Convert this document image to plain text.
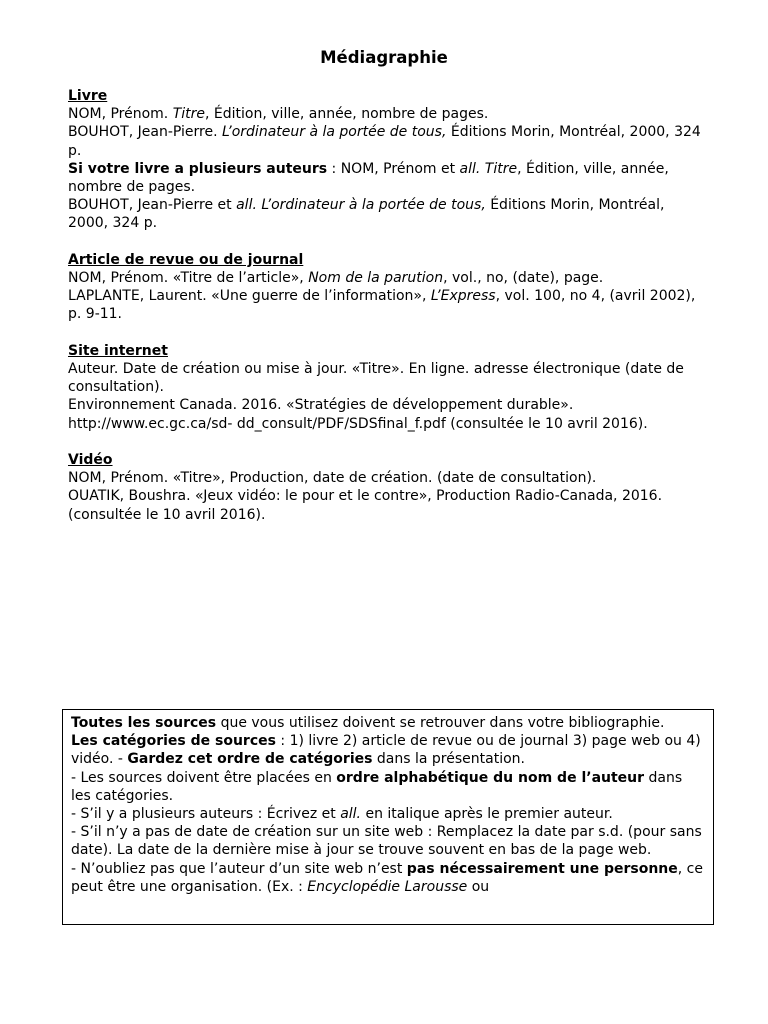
Médiagraphie
Livre
NOM, Prénom. Titre, Édition, ville, année, nombre de pages.
BOUHOT, Jean-Pierre. L’ordinateur à la portée de tous, Éditions Morin, Montréal, 2000, 324 p.
Si votre livre a plusieurs auteurs : NOM, Prénom et all. Titre, Édition, ville, année, nombre de pages.
BOUHOT, Jean-Pierre et all. L’ordinateur à la portée de tous, Éditions Morin, Montréal, 2000, 324 p.
Article de revue ou de journal
NOM, Prénom. «Titre de l’article», Nom de la parution, vol., no, (date), page.
LAPLANTE, Laurent. «Une guerre de l’information», L’Express, vol. 100, no 4, (avril 2002), p. 9-11.
Site internet
Auteur. Date de création ou mise à jour. «Titre». En ligne. adresse électronique (date de consultation).
Environnement Canada. 2016. «Stratégies de développement durable».
http://www.ec.gc.ca/sd- dd_consult/PDF/SDSfinal_f.pdf (consultée le 10 avril 2016).
Vidéo
NOM, Prénom. «Titre», Production, date de création. (date de consultation).
OUATIK, Boushra. «Jeux vidéo: le pour et le contre», Production Radio-Canada, 2016. (consultée le 10 avril 2016).
Toutes les sources que vous utilisez doivent se retrouver dans votre bibliographie.
Les catégories de sources : 1) livre 2) article de revue ou de journal 3) page web ou 4) vidéo. - Gardez cet ordre de catégories dans la présentation.
- Les sources doivent être placées en ordre alphabétique du nom de l’auteur dans les catégories.
- S’il y a plusieurs auteurs : Écrivez et all. en italique après le premier auteur.
- S’il n’y a pas de date de création sur un site web : Remplacez la date par s.d. (pour sans date). La date de la dernière mise à jour se trouve souvent en bas de la page web.
- N’oubliez pas que l’auteur d’un site web n’est pas nécessairement une personne, ce peut être une organisation. (Ex. : Encyclopédie Larousse ou
